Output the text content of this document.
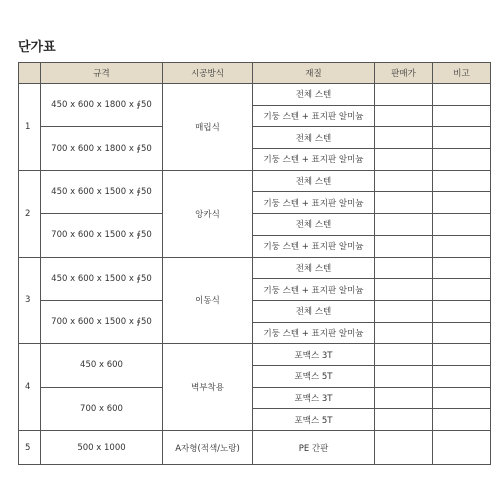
단가표
	규격	시공방식	재질	판매가	비고
1	450 x 600 x 1800 x ∮50	매립식	전체 스텐		
			기둥 스텐 + 표지판 알미늄		
	700 x 600 x 1800 x ∮50		전체 스텐		
			기둥 스텐 + 표지판 알미늄		
2	450 x 600 x 1500 x ∮50	앙카식	전체 스텐		
			기둥 스텐 + 표지판 알미늄		
	700 x 600 x 1500 x ∮50		전체 스텐		
			기둥 스텐 + 표지판 알미늄		
3	450 x 600 x 1500 x ∮50	이동식	전체 스텐		
			기둥 스텐 + 표지판 알미늄		
	700 x 600 x 1500 x ∮50		전체 스텐		
			기둥 스텐 + 표지판 알미늄		
4	450 x 600	벽부착용	포맥스 3T		
			포맥스 5T		
	700 x 600		포맥스 3T		
			포맥스 5T		
5	500 x 1000	A자형(적색/노랑)	PE 간판		
